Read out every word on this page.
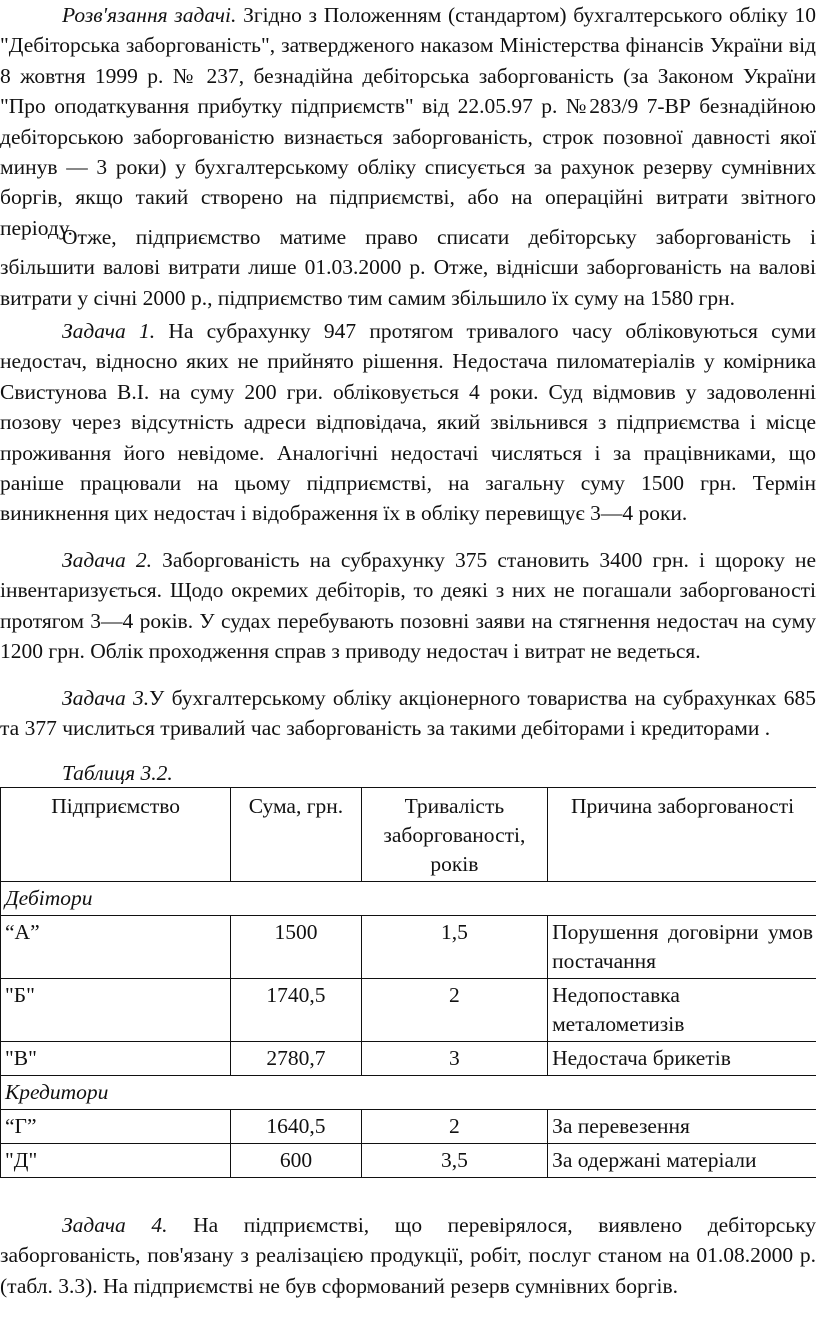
Розв'язання задачі. Згідно з Положенням (стандартом) бухгалтерського обліку 10 "Дебіторська заборгованість", затвердженого наказом Міністерства фінансів України від 8 жовтня 1999 р. № 237, безнадійна дебіторська заборгованість (за Законом України "Про оподаткування прибутку підприємств" від 22.05.97 р. №283/9 7-ВР безнадійною дебіторською заборгованістю визнається заборгованість, строк позовної давності якої минув — 3 роки) у бухгалтерському обліку списується за рахунок резерву сумнівних боргів, якщо такий створено на підприємстві, або на операційні витрати звітного періоду.

Отже, підприємство матиме право списати дебіторську заборгованість і збільшити валові витрати лише 01.03.2000 р. Отже, віднісши заборгованість на валові витрати у січні 2000 р., підприємство тим самим збільшило їх суму на 1580 грн.

Задача 1. На субрахунку 947 протягом тривалого часу обліковуються суми недостач, відносно яких не прийнято рішення. Недостача пиломатеріалів у комірника Свистунова В.І. на суму 200 гри. обліковується 4 роки. Суд відмовив у задоволенні позову через відсутність адреси відповідача, який звільнився з підприємства і місце проживання його невідоме. Аналогічні недостачі числяться і за працівниками, що раніше працювали на цьому підприємстві, на загальну суму 1500 грн. Термін виникнення цих недостач і відображення їх в обліку перевищує 3—4 роки.

Задача 2. Заборгованість на субрахунку 375 становить 3400 грн. і щороку не інвентаризується. Щодо окремих дебіторів, то деякі з них не погашали заборгованості протягом 3—4 років. У судах перебувають позовні заяви на стягнення недостач на суму 1200 грн. Облік проходження справ з приводу недостач і витрат не ведеться.

Задача 3.У бухгалтерському обліку акціонерного товариства на субрахунках 685 та 377 числиться тривалий час заборгованість за такими дебіторами і кредиторами .

Таблиця 3.2.
Підприємство	Сума, грн.	Тривалість заборгованості, років	Причина заборгованості
Дебітори			
“А”	1500	1,5	Порушення договірни умов постачання
"Б"	1740,5	2	Недопоставка металометизів
"В"	2780,7	3	Недостача брикетів
Кредитори			
“Г”	1640,5	2	За перевезення
"Д"	600	3,5	За одержані матеріали

Задача 4. На підприємстві, що перевірялося, виявлено дебіторську заборгованість, пов'язану з реалізацією продукції, робіт, послуг станом на 01.08.2000 р. (табл. 3.3). На підприємстві не був сформований резерв сумнівних боргів.
